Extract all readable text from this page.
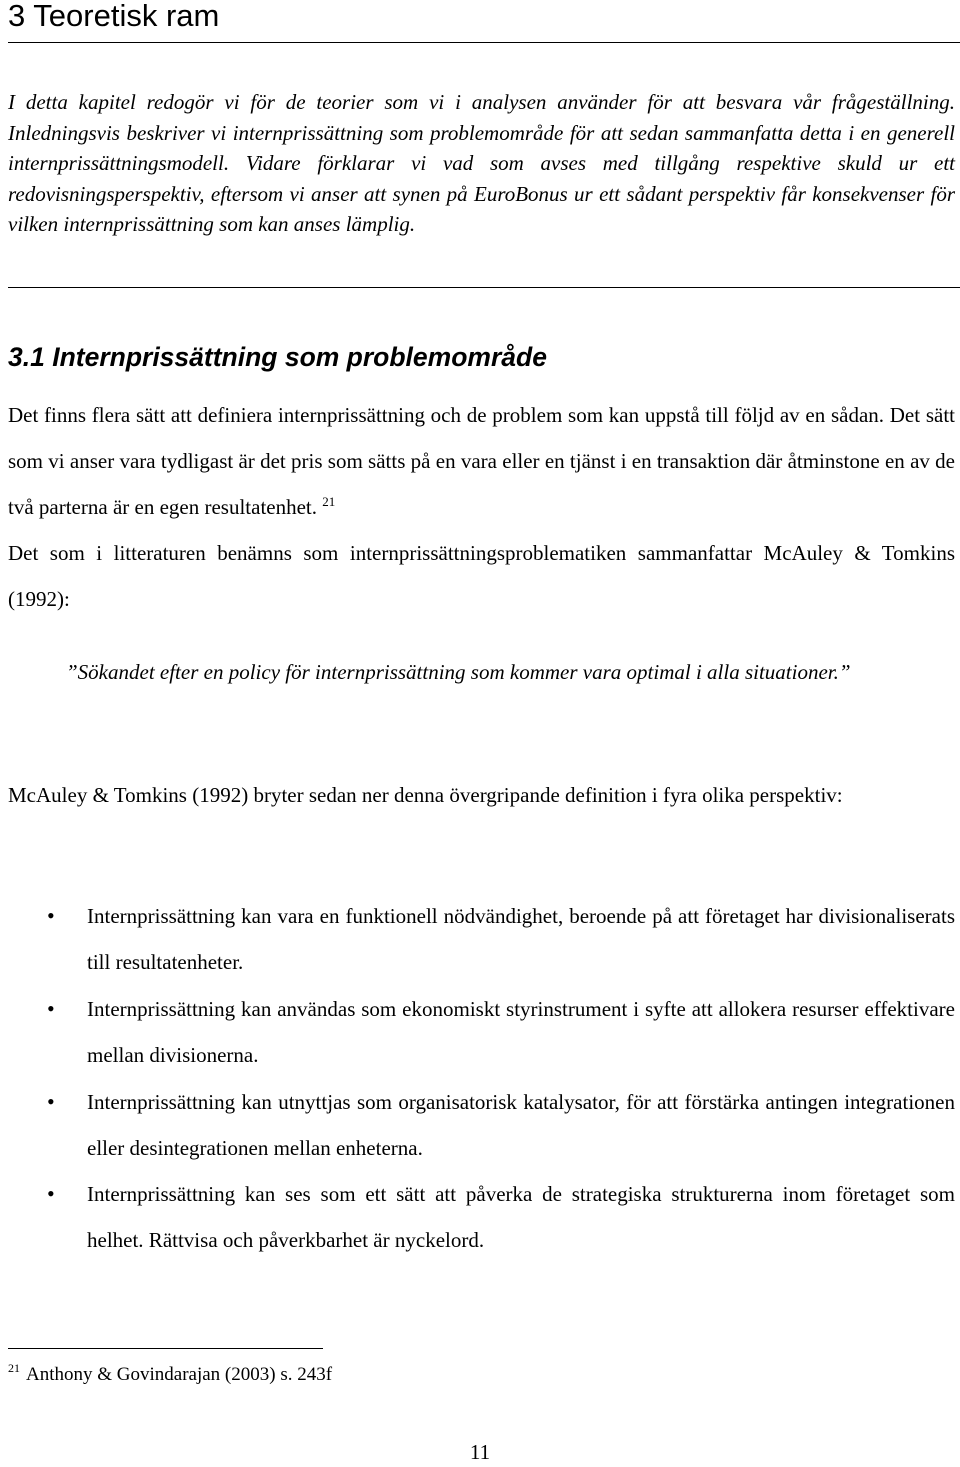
3 Teoretisk ram

I detta kapitel redogör vi för de teorier som vi i analysen använder för att besvara vår frågeställning. Inledningsvis beskriver vi internprissättning som problemområde för att sedan sammanfatta detta i en generell internprissättningsmodell. Vidare förklarar vi vad som avses med tillgång respektive skuld ur ett redovisningsperspektiv, eftersom vi anser att synen på EuroBonus ur ett sådant perspektiv får konsekvenser för vilken internprissättning som kan anses lämplig.

3.1 Internprissättning som problemområde

Det finns flera sätt att definiera internprissättning och de problem som kan uppstå till följd av en sådan. Det sätt som vi anser vara tydligast är det pris som sätts på en vara eller en tjänst i en transaktion där åtminstone en av de två parterna är en egen resultatenhet. $^{21}$

Det som i litteraturen benämns som internprissättningsproblematiken sammanfattar McAuley & Tomkins (1992):

”Sökandet efter en policy för internprissättning som kommer vara optimal i alla situationer.”

McAuley & Tomkins (1992) bryter sedan ner denna övergripande definition i fyra olika perspektiv:

• Internprissättning kan vara en funktionell nödvändighet, beroende på att företaget har divisionaliserats till resultatenheter.

• Internprissättning kan användas som ekonomiskt styrinstrument i syfte att allokera resurser effektivare mellan divisionerna.

• Internprissättning kan utnyttjas som organisatorisk katalysator, för att förstärka antingen integrationen eller desintegrationen mellan enheterna.

• Internprissättning kan ses som ett sätt att påverka de strategiska strukturerna inom företaget som helhet. Rättvisa och påverkbarhet är nyckelord.

$^{21}$ Anthony & Govindarajan (2003) s. 243f
11
